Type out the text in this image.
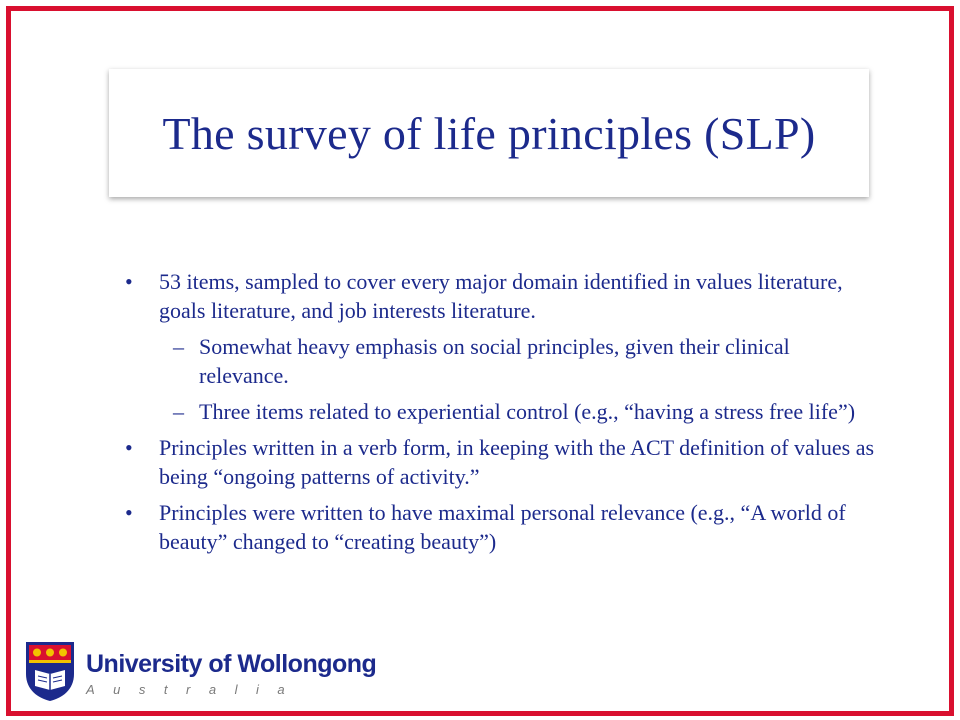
The survey of life principles (SLP)
• 53 items, sampled to cover every major domain identified in values literature, goals literature, and job interests literature.
– Somewhat heavy emphasis on social principles, given their clinical relevance.
– Three items related to experiential control (e.g., “having a stress free life”)
• Principles written in a verb form, in keeping with the ACT definition of values as being “ongoing patterns of activity.”
• Principles were written to have maximal personal relevance (e.g., “A world of beauty” changed to “creating beauty”)
University of Wollongong
Australia
